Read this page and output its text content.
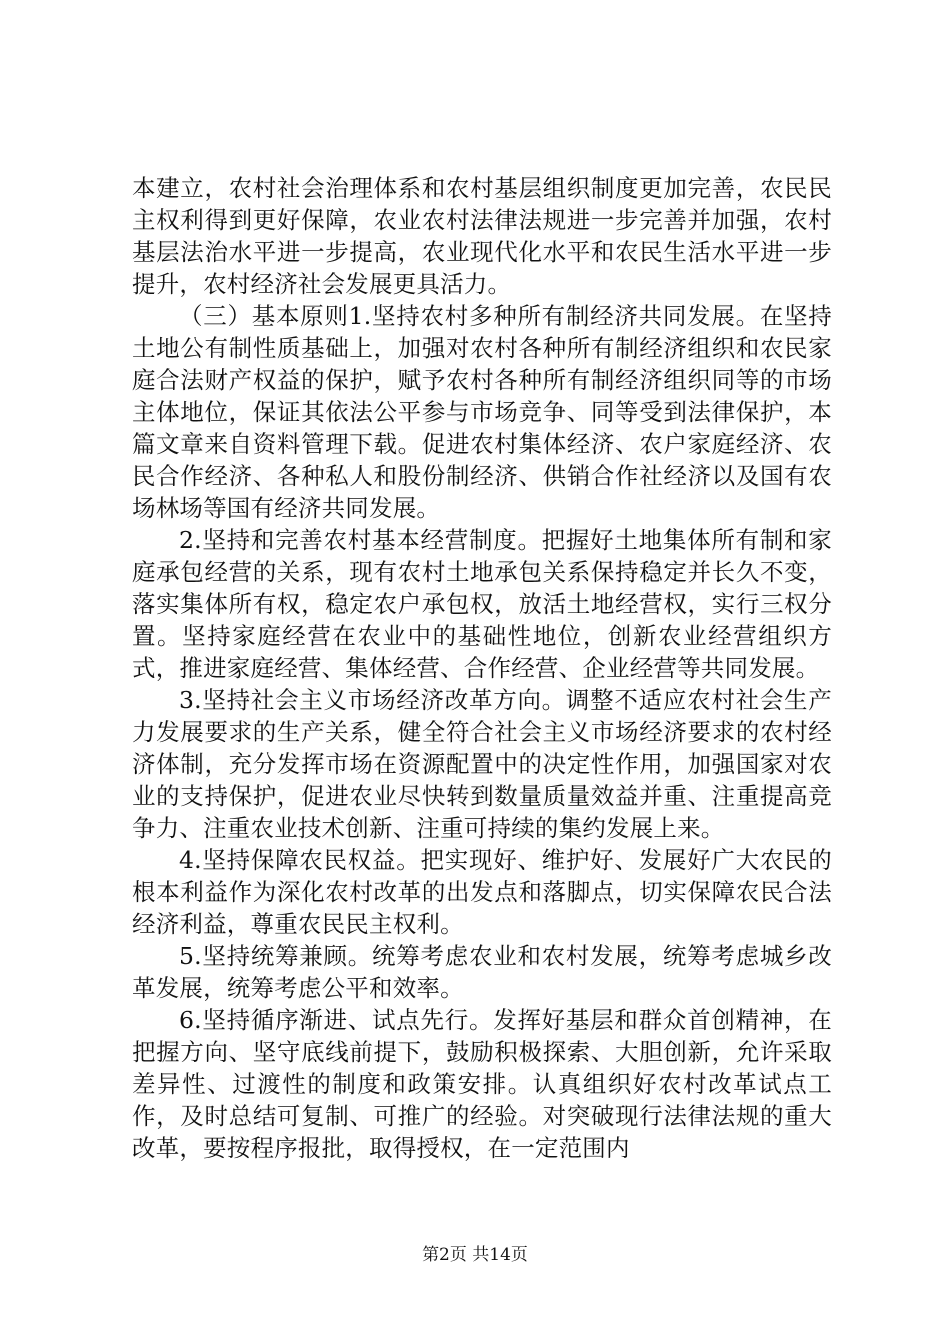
本建立，农村社会治理体系和农村基层组织制度更加完善，农民民主权利得到更好保障，农业农村法律法规进一步完善并加强，农村基层法治水平进一步提高，农业现代化水平和农民生活水平进一步提升，农村经济社会发展更具活力。

（三）基本原则1.坚持农村多种所有制经济共同发展。在坚持土地公有制性质基础上，加强对农村各种所有制经济组织和农民家庭合法财产权益的保护，赋予农村各种所有制经济组织同等的市场主体地位，保证其依法公平参与市场竞争、同等受到法律保护，本篇文章来自资料管理下载。促进农村集体经济、农户家庭经济、农民合作经济、各种私人和股份制经济、供销合作社经济以及国有农场林场等国有经济共同发展。

2.坚持和完善农村基本经营制度。把握好土地集体所有制和家庭承包经营的关系，现有农村土地承包关系保持稳定并长久不变，落实集体所有权，稳定农户承包权，放活土地经营权，实行三权分置。坚持家庭经营在农业中的基础性地位，创新农业经营组织方式，推进家庭经营、集体经营、合作经营、企业经营等共同发展。

3.坚持社会主义市场经济改革方向。调整不适应农村社会生产力发展要求的生产关系，健全符合社会主义市场经济要求的农村经济体制，充分发挥市场在资源配置中的决定性作用，加强国家对农业的支持保护，促进农业尽快转到数量质量效益并重、注重提高竞争力、注重农业技术创新、注重可持续的集约发展上来。

4.坚持保障农民权益。把实现好、维护好、发展好广大农民的根本利益作为深化农村改革的出发点和落脚点，切实保障农民合法经济利益，尊重农民民主权利。

5.坚持统筹兼顾。统筹考虑农业和农村发展，统筹考虑城乡改革发展，统筹考虑公平和效率。

6.坚持循序渐进、试点先行。发挥好基层和群众首创精神，在把握方向、坚守底线前提下，鼓励积极探索、大胆创新，允许采取差异性、过渡性的制度和政策安排。认真组织好农村改革试点工作，及时总结可复制、可推广的经验。对突破现行法律法规的重大改革，要按程序报批，取得授权，在一定范围内

第2页 共14页
